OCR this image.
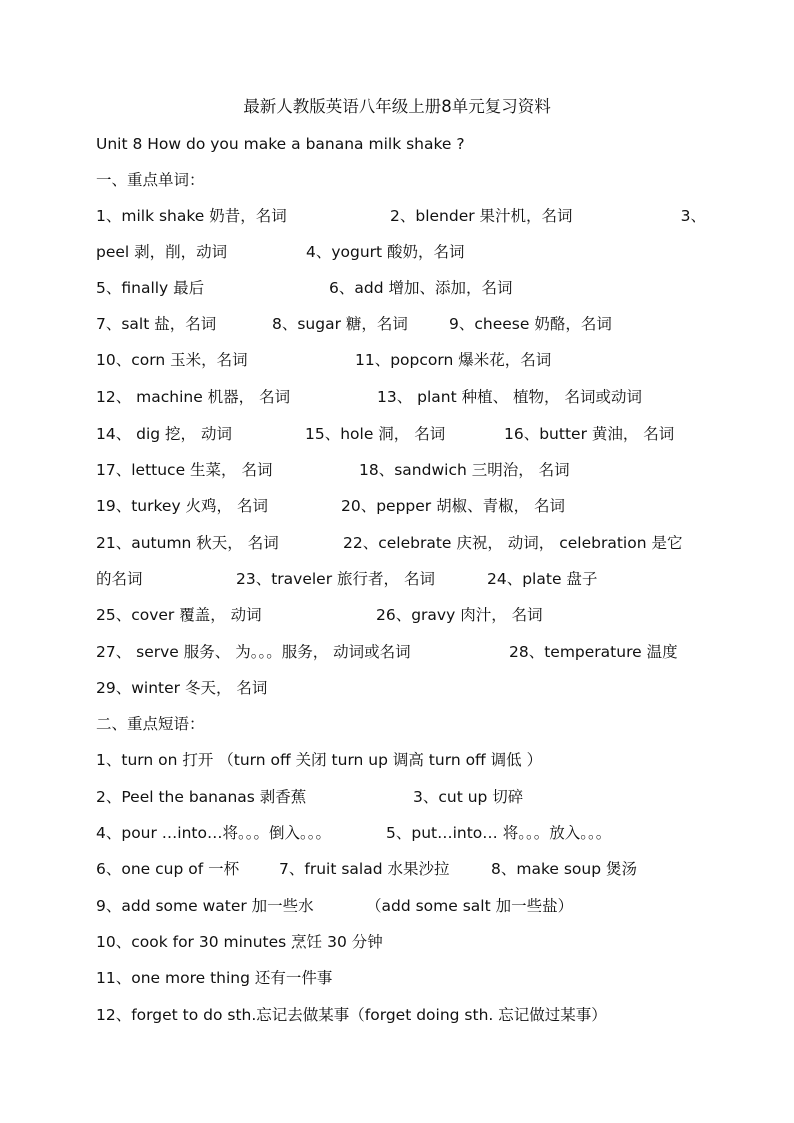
最新人教版英语八年级上册8单元复习资料
Unit 8 How do you make a banana milk shake ?
一、重点单词：
1、milk shake 奶昔，名词	2、blender 果汁机，名词	3、
peel 剥，削，动词	4、yogurt 酸奶，名词
5、finally 最后	6、add 增加、添加，名词
7、salt 盐，名词	8、sugar 糖，名词	9、cheese 奶酪，名词
10、corn 玉米，名词	11、popcorn 爆米花，名词
12、 machine 机器， 名词	13、 plant 种植、 植物， 名词或动词
14、 dig 挖， 动词	15、hole 洞， 名词	16、butter 黄油， 名词
17、lettuce 生菜， 名词	18、sandwich 三明治， 名词
19、turkey 火鸡， 名词	20、pepper 胡椒、青椒， 名词
21、autumn 秋天， 名词	22、celebrate 庆祝， 动词， celebration 是它
的名词	23、traveler 旅行者， 名词	24、plate 盘子
25、cover 覆盖， 动词	26、gravy 肉汁， 名词
27、 serve 服务、 为。。。服务， 动词或名词	28、temperature 温度
29、winter 冬天， 名词
二、重点短语：
1、turn on 打开 （turn off 关闭 turn up 调高 turn off 调低 ）
2、Peel the bananas 剥香蕉	3、cut up 切碎
4、pour …into…将。。。倒入。。。	5、put…into… 将。。。放入。。。
6、one cup of 一杯	7、fruit salad 水果沙拉	8、make soup 煲汤
9、add some water 加一些水	（add some salt 加一些盐）
10、cook for 30 minutes 烹饪 30 分钟
11、one more thing 还有一件事
12、forget to do sth.忘记去做某事（forget doing sth. 忘记做过某事）
